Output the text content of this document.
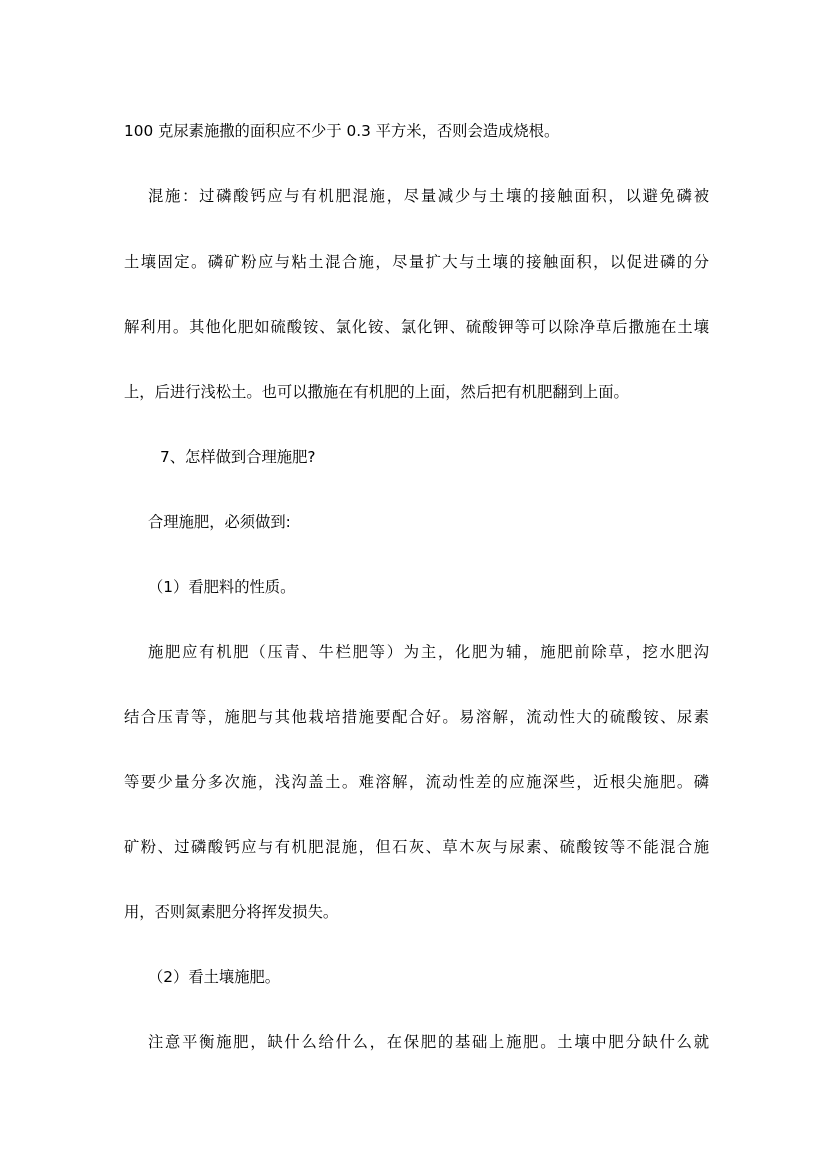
100 克尿素施撒的面积应不少于 0.3 平方米，否则会造成烧根。
混施：过磷酸钙应与有机肥混施，尽量减少与土壤的接触面积，以避免磷被
土壤固定。磷矿粉应与粘土混合施，尽量扩大与土壤的接触面积，以促进磷的分
解利用。其他化肥如硫酸铵、氯化铵、氯化钾、硫酸钾等可以除净草后撒施在土壤
上，后进行浅松土。也可以撒施在有机肥的上面，然后把有机肥翻到上面。
7、怎样做到合理施肥?
合理施肥，必须做到:
（1）看肥料的性质。
施肥应有机肥（压青、牛栏肥等）为主，化肥为辅，施肥前除草，挖水肥沟
结合压青等，施肥与其他栽培措施要配合好。易溶解，流动性大的硫酸铵、尿素
等要少量分多次施，浅沟盖土。难溶解，流动性差的应施深些，近根尖施肥。磷
矿粉、过磷酸钙应与有机肥混施，但石灰、草木灰与尿素、硫酸铵等不能混合施
用，否则氮素肥分将挥发损失。
（2）看土壤施肥。
注意平衡施肥，缺什么给什么，在保肥的基础上施肥。土壤中肥分缺什么就
